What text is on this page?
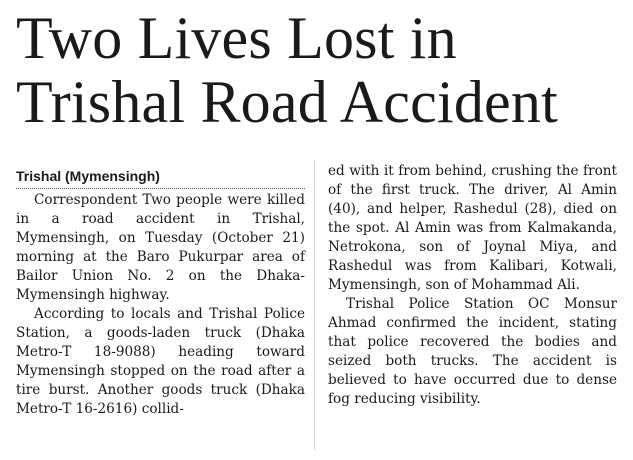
Two Lives Lost in Trishal Road Accident
Trishal (Mymensingh)

Correspondent Two people were killed in a road accident in Trishal, Mymensingh, on Tuesday (October 21) morning at the Baro Pukurpar area of Bailor Union No. 2 on the Dhaka-Mymensingh highway.

According to locals and Trishal Police Station, a goods-laden truck (Dhaka Metro-T 18-9088) heading toward Mymensingh stopped on the road after a tire burst. Another goods truck (Dhaka Metro-T 16-2616) collid-

ed with it from behind, crushing the front of the first truck. The driver, Al Amin (40), and helper, Rashedul (28), died on the spot. Al Amin was from Kalmakanda, Netrokona, son of Joynal Miya, and Rashedul was from Kalibari, Kotwali, Mymensingh, son of Mohammad Ali.

Trishal Police Station OC Monsur Ahmad confirmed the incident, stating that police recovered the bodies and seized both trucks. The accident is believed to have occurred due to dense fog reducing visibility.
